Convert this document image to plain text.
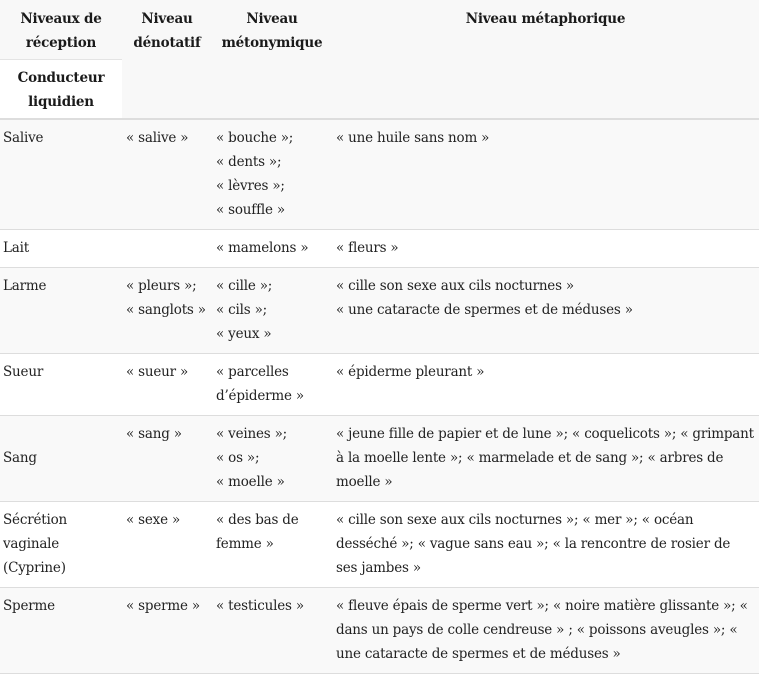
Niveaux de réception	Niveau dénotatif	Niveau métonymique	Niveau métaphorique
Conducteur liquidien			
Salive	« salive »	« bouche »;
« dents »;
« lèvres »;
« souffle »	« une huile sans nom »

Lait		« mamelons »	« fleurs »

Larme	« pleurs »;
« sanglots »	« cille »;
« cils »;
« yeux »	« cille son sexe aux cils nocturnes »
« une cataracte de spermes et de méduses »

Sueur	« sueur »	« parcelles d’épiderme »	« épiderme pleurant »

Sang	« sang »	« veines »;
« os »;
« moelle »	« jeune fille de papier et de lune »; « coquelicots »; « grimpant à la moelle lente »; « marmelade et de sang »; « arbres de moelle »

Sécrétion vaginale (Cyprine)	« sexe »	« des bas de femme »	« cille son sexe aux cils nocturnes »; « mer »; « océan desséché »; « vague sans eau »; « la rencontre de rosier de ses jambes »

Sperme	« sperme »	« testicules »	« fleuve épais de sperme vert »; « noire matière glissante »; « dans un pays de colle cendreuse » ; « poissons aveugles »; « une cataracte de spermes et de méduses »
